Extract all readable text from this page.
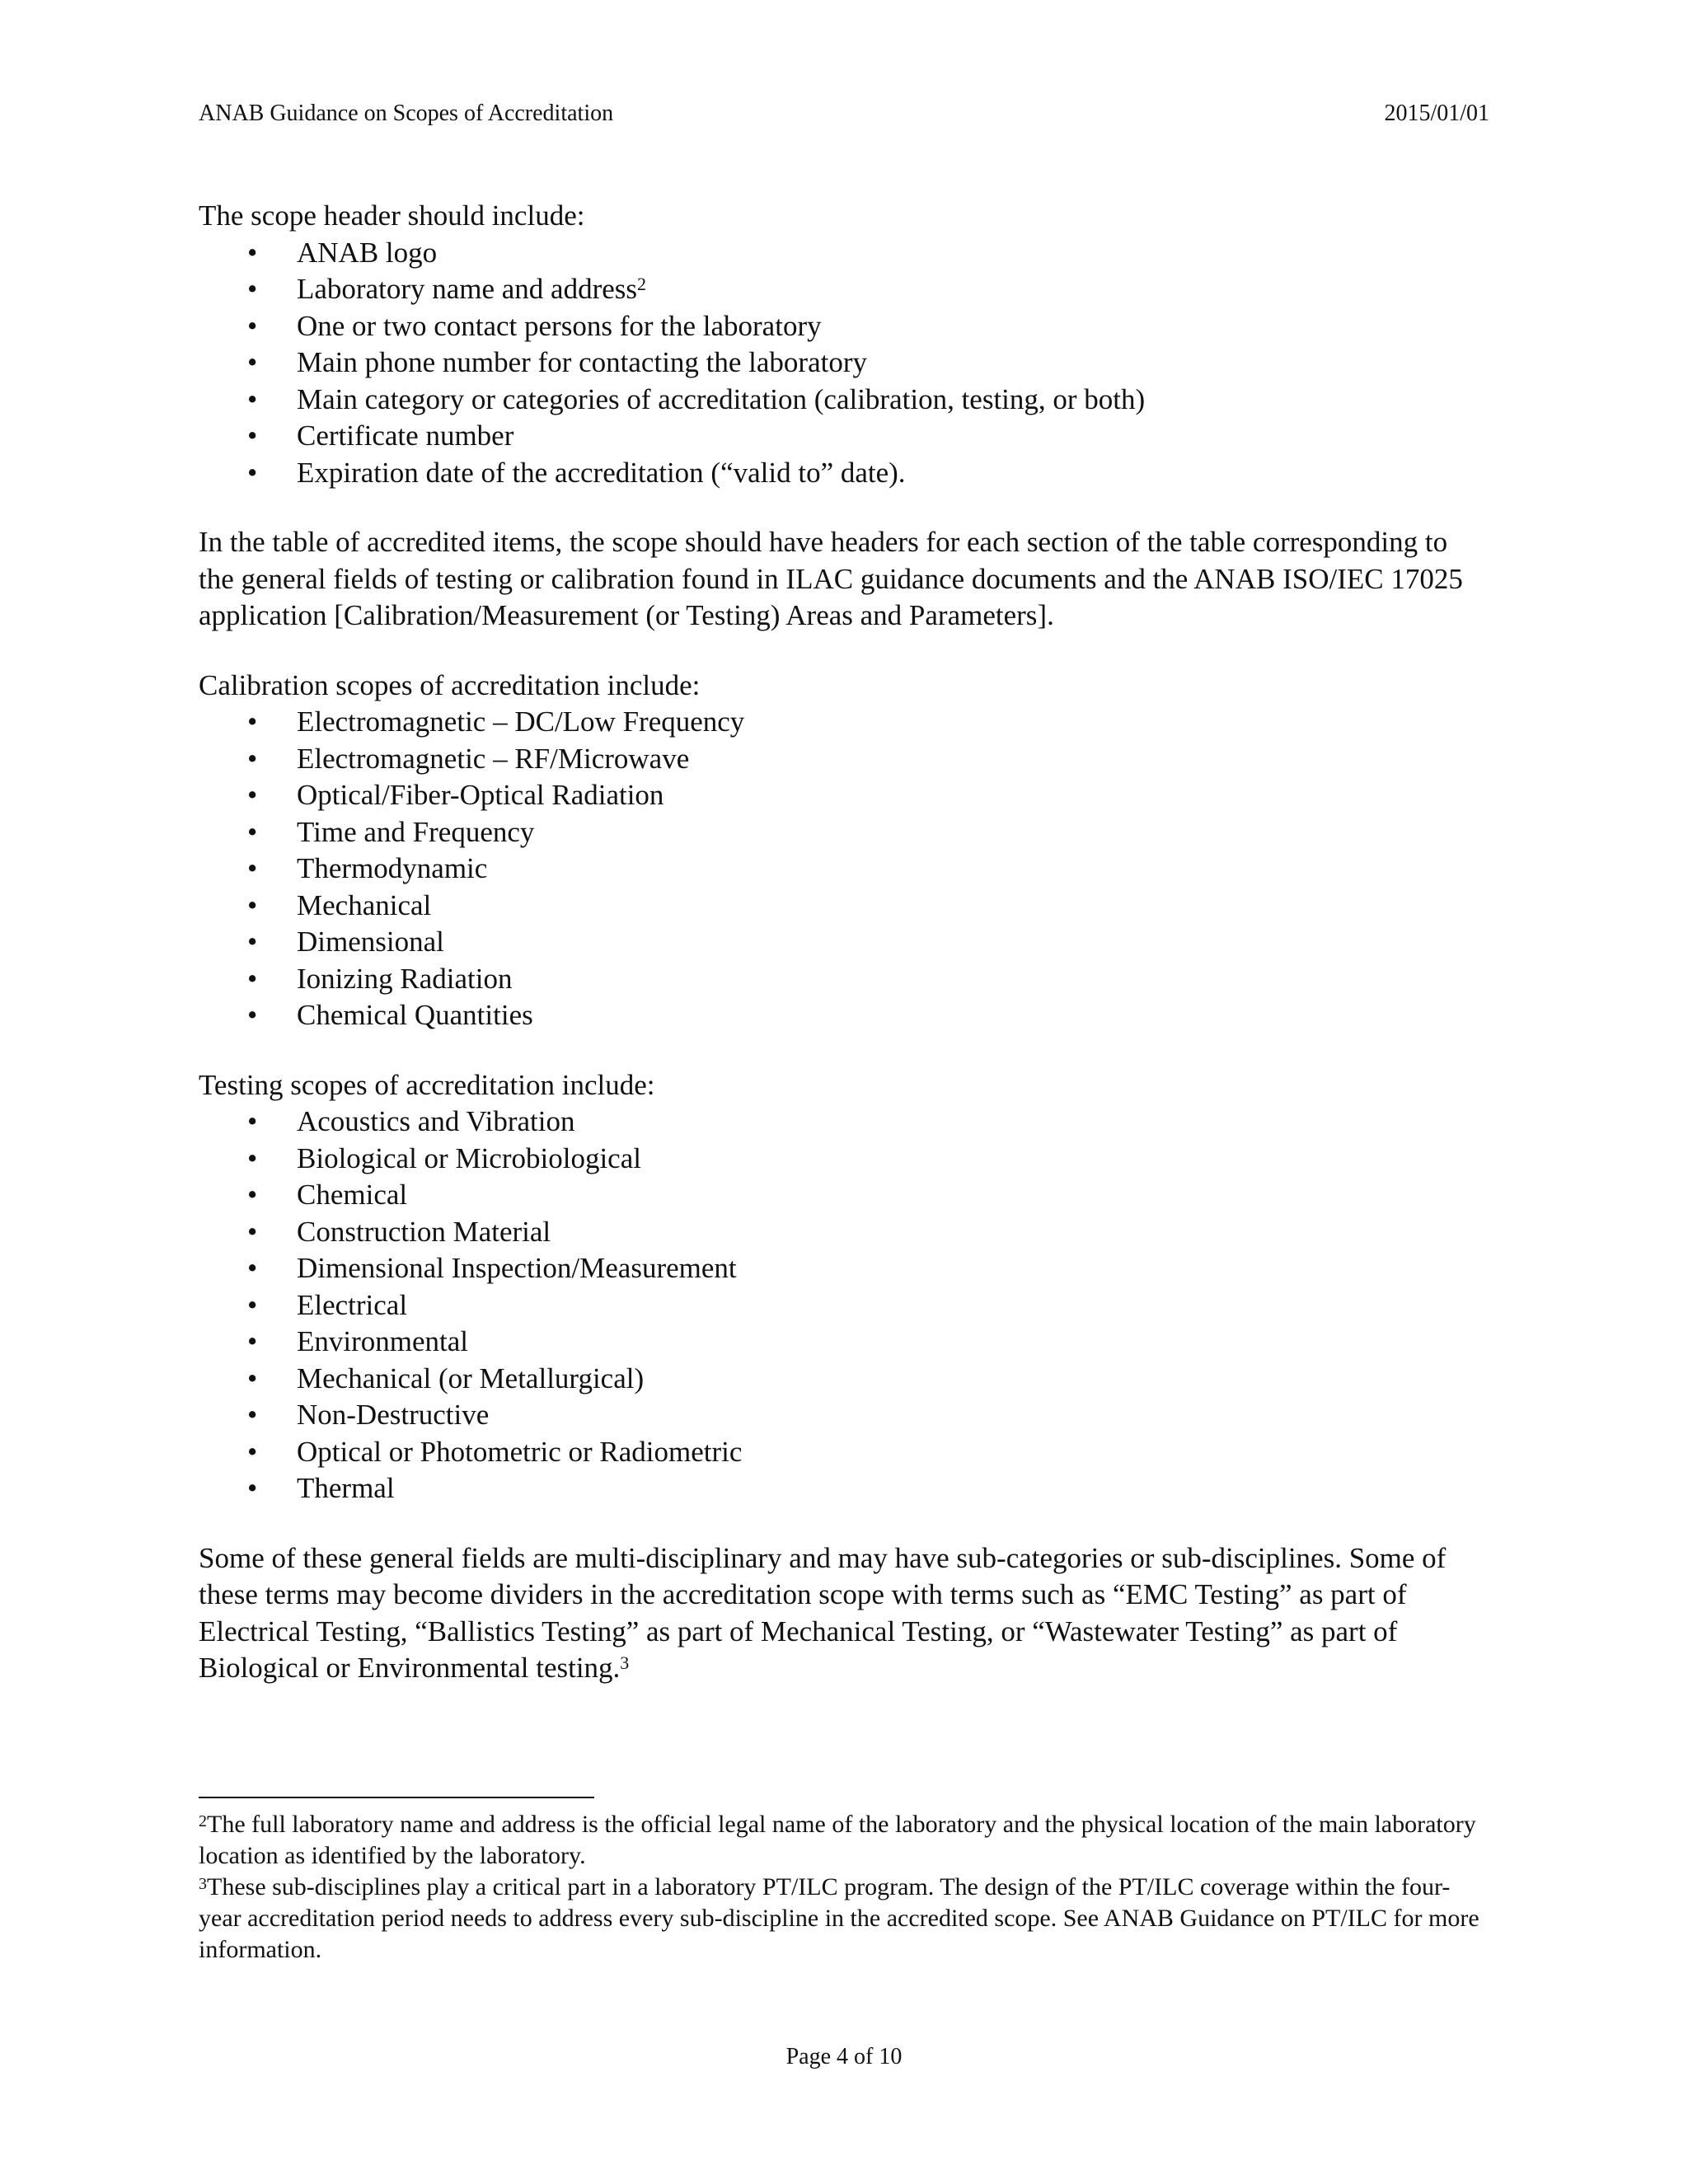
ANAB Guidance on Scopes of Accreditation	2015/01/01

The scope header should include:

• ANAB logo
• Laboratory name and address$^2$
• One or two contact persons for the laboratory
• Main phone number for contacting the laboratory
• Main category or categories of accreditation (calibration, testing, or both)
• Certificate number
• Expiration date of the accreditation (“valid to” date).

In the table of accredited items, the scope should have headers for each section of the table corresponding to the general fields of testing or calibration found in ILAC guidance documents and the ANAB ISO/IEC 17025 application [Calibration/Measurement (or Testing) Areas and Parameters].

Calibration scopes of accreditation include:

• Electromagnetic – DC/Low Frequency
• Electromagnetic – RF/Microwave
• Optical/Fiber-Optical Radiation
• Time and Frequency
• Thermodynamic
• Mechanical
• Dimensional
• Ionizing Radiation
• Chemical Quantities

Testing scopes of accreditation include:

• Acoustics and Vibration
• Biological or Microbiological
• Chemical
• Construction Material
• Dimensional Inspection/Measurement
• Electrical
• Environmental
• Mechanical (or Metallurgical)
• Non-Destructive
• Optical or Photometric or Radiometric
• Thermal

Some of these general fields are multi-disciplinary and may have sub-categories or sub-disciplines. Some of these terms may become dividers in the accreditation scope with terms such as “EMC Testing” as part of Electrical Testing, “Ballistics Testing” as part of Mechanical Testing, or “Wastewater Testing” as part of Biological or Environmental testing.$^3$

$^2$The full laboratory name and address is the official legal name of the laboratory and the physical location of the main laboratory location as identified by the laboratory.

$^3$These sub-disciplines play a critical part in a laboratory PT/ILC program. The design of the PT/ILC coverage within the four-year accreditation period needs to address every sub-discipline in the accredited scope. See ANAB Guidance on PT/ILC for more information.

Page 4 of 10
